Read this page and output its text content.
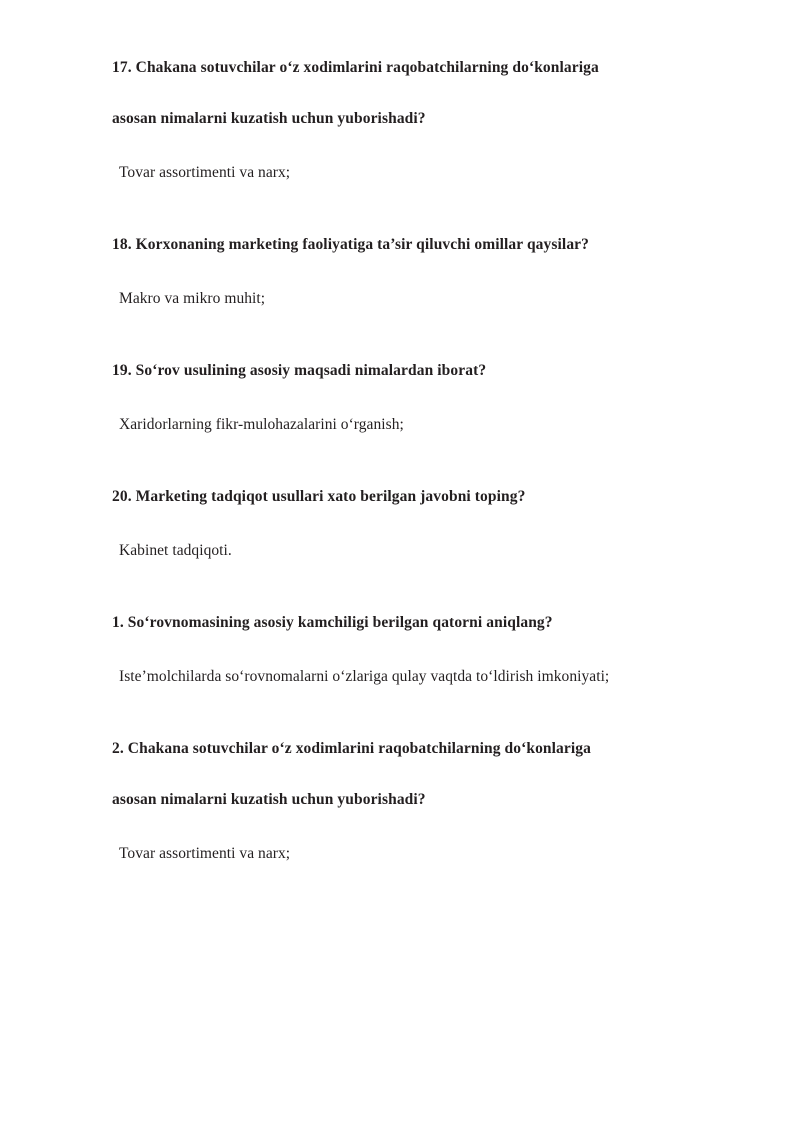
17. Chakana sotuvchilar o‘z xodimlarini raqobatchilarning do‘konlariga

asosan nimalarni kuzatish uchun yuborishadi?

Tovar assortimenti va narx;

18. Korxonaning marketing faoliyatiga ta’sir qiluvchi omillar qaysilar?

Makro va mikro muhit;

19. So‘rov usulining asosiy maqsadi nimalardan iborat?

Xaridorlarning fikr-mulohazalarini o‘rganish;

20. Marketing tadqiqot usullari xato berilgan javobni toping?

Kabinet tadqiqoti.

1. So‘rovnomasining asosiy kamchiligi berilgan qatorni aniqlang?

Iste’molchilarda so‘rovnomalarni o‘zlariga qulay vaqtda to‘ldirish imkoniyati;

2. Chakana sotuvchilar o‘z xodimlarini raqobatchilarning do‘konlariga

asosan nimalarni kuzatish uchun yuborishadi?

Tovar assortimenti va narx;
